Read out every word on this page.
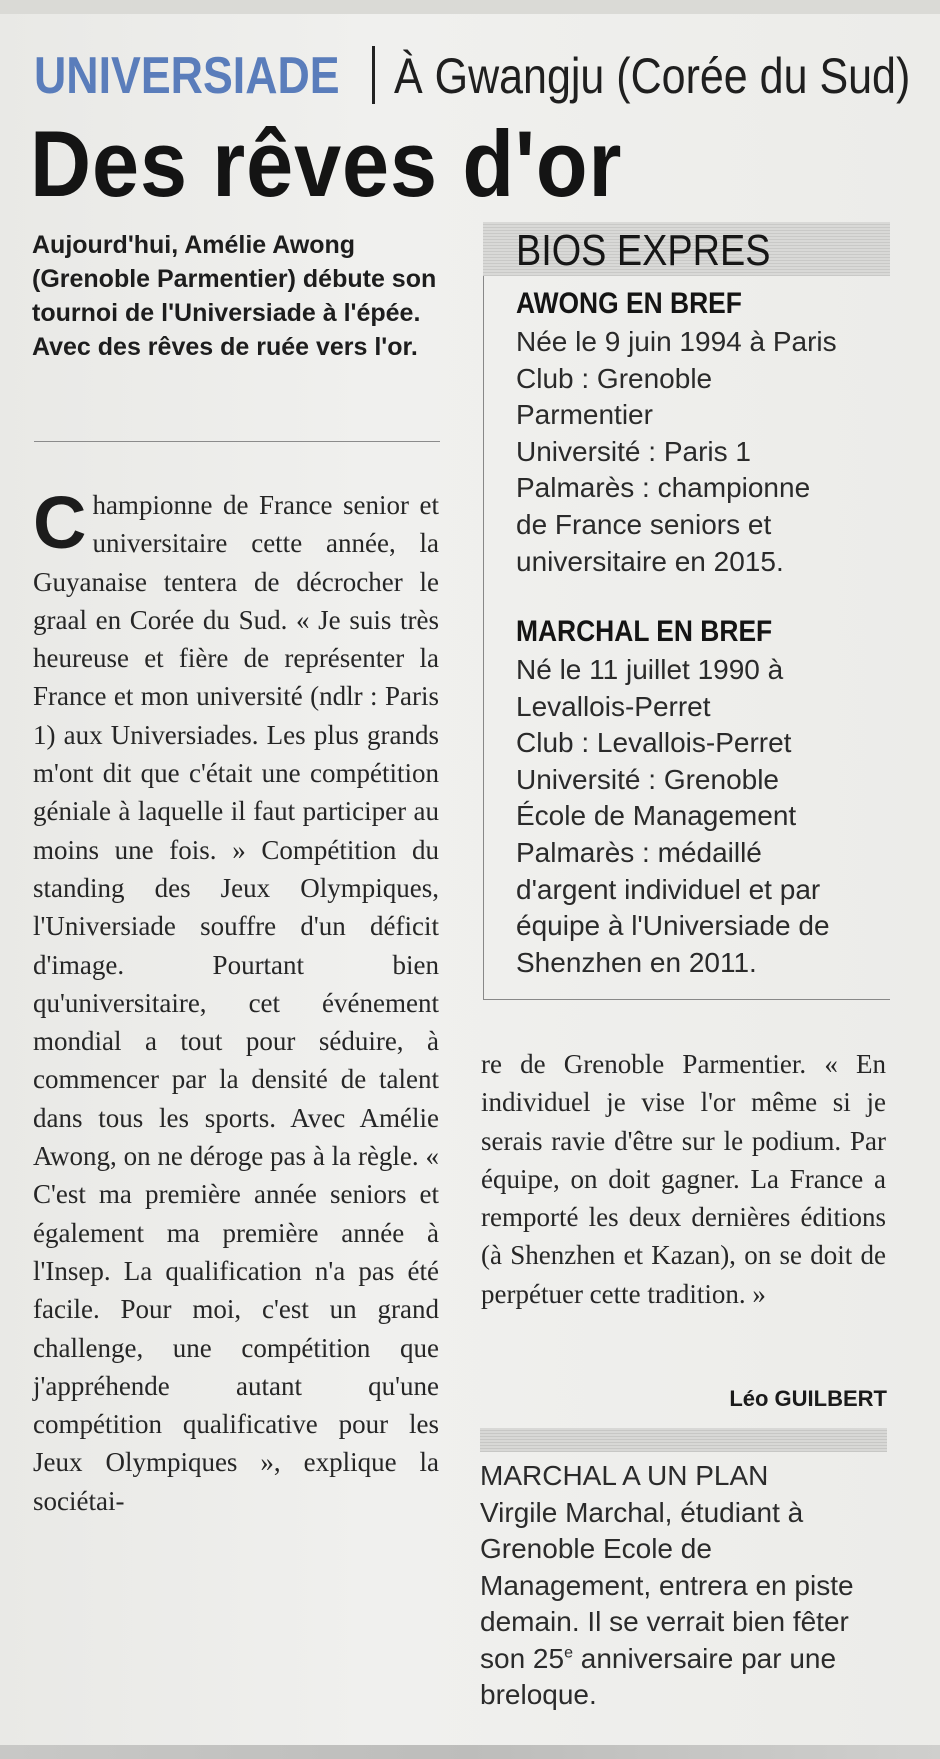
UNIVERSIADE À Gwangju (Corée du Sud)
Des rêves d'or
Aujourd'hui, Amélie Awong (Grenoble Parmentier) débute son tournoi de l'Universiade à l'épée. Avec des rêves de ruée vers l'or.
C hampionne de France senior et universitaire cette année, la Guyanaise tentera de décrocher le graal en Corée du Sud. « Je suis très heureuse et fière de représenter la France et mon université (ndlr : Paris 1) aux Universiades. Les plus grands m'ont dit que c'était une compétition géniale à laquelle il faut participer au moins une fois. » Compétition du standing des Jeux Olympiques, l'Universiade souffre d'un déficit d'image. Pourtant bien qu'universitaire, cet événement mondial a tout pour séduire, à commencer par la densité de talent dans tous les sports. Avec Amélie Awong, on ne déroge pas à la règle. « C'est ma première année seniors et également ma première année à l'Insep. La qualification n'a pas été facile. Pour moi, c'est un grand challenge, une compétition que j'appréhende autant qu'une compétition qualificative pour les Jeux Olympiques », explique la sociétai-
BIOS EXPRES
AWONG EN BREF
Née le 9 juin 1994 à Paris
Club : Grenoble
Parmentier
Université : Paris 1
Palmarès : championne
de France seniors et
universitaire en 2015.
MARCHAL EN BREF
Né le 11 juillet 1990 à
Levallois-Perret
Club : Levallois-Perret
Université : Grenoble
École de Management
Palmarès : médaillé
d'argent individuel et par
équipe à l'Universiade de
Shenzhen en 2011.
re de Grenoble Parmentier. « En individuel je vise l'or même si je serais ravie d'être sur le podium. Par équipe, on doit gagner. La France a remporté les deux dernières éditions (à Shenzhen et Kazan), on se doit de perpétuer cette tradition. »
Léo GUILBERT
MARCHAL A UN PLAN
Virgile Marchal, étudiant à Grenoble Ecole de Management, entrera en piste demain. Il se verrait bien fêter son 25e anniversaire par une breloque.
